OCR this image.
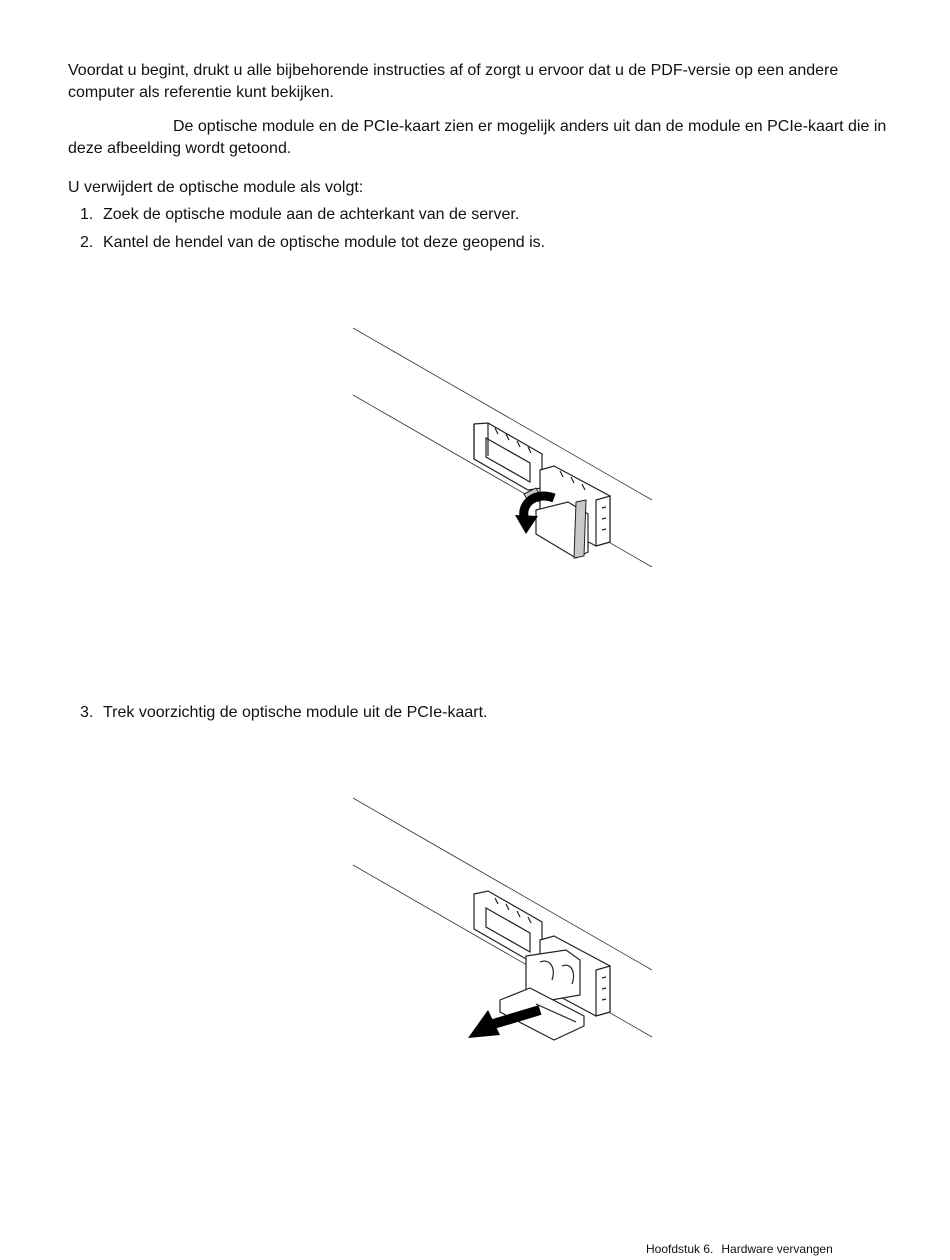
Voordat u begint, drukt u alle bijbehorende instructies af of zorgt u ervoor dat u de PDF-versie op een andere computer als referentie kunt bekijken.

De optische module en de PCIe-kaart zien er mogelijk anders uit dan de module en PCIe-kaart die in deze afbeelding wordt getoond.

U verwijdert de optische module als volgt:

1. Zoek de optische module aan de achterkant van de server.
2. Kantel de hendel van de optische module tot deze geopend is.
3. Trek voorzichtig de optische module uit de PCIe-kaart.
Hoofdstuk 6. Hardware vervangen
